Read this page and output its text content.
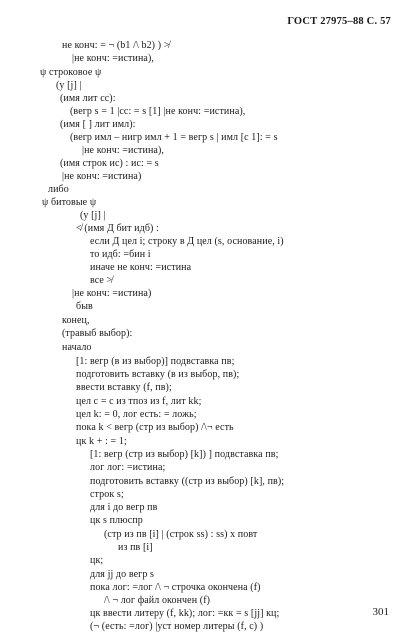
ГОСТ 27975–88 С. 57
не конч: = ¬ (b1 /\ b2) ) ≯
|не конч: =истина),
ψ строковое ψ
(у [j] |
(имя лит сс):
(вегр s = 1 |сс: = s [1] |не конч: =истина),
(имя [ ] лит имл):
(вегр имл – нигр имл + 1 = вегр s | имл [с 1]: = s
|не конч: =истина),
(имя строк ис) : ис: = s
|не конч: =истина)
либо
ψ битовые ψ
(у [j] |
≮ (имя Д бит идб) :
если Д цел i; строку в Д цел (s, основание, i)
то идб: =бин i
иначе не конч: =истина
все ≯
|не конч: =истина)
быв
конец,
(травыб выбор):
начало
[1: вегр (в из выбор)] подвставка пв;
подготовить вставку (в из выбор, пв);
ввести вставку (f, пв);
цел с = с из тпоз из f, лит kk;
цел k: = 0, лог есть: = ложь;
пока k < вегр (стр из выбор) /\¬ есть
цк k + : = 1;
[1: вегр (стр из выбор) [k]) ] подвставка пв;
лог лог: =истина;
подготовить вставку ((стр из выбор) [k], пв);
строк s;
для i до вегр пв
цк s плюспр
(стр из пв [i] | (строк ss) : ss) х повт
из пв [i]
цк;
для jj до вегр s
пока лог: =лог /\ ¬ строчка окончена (f)
/\ ¬ лог файл окончен (f)
цк ввести литеру (f, kk); лог: =кк = s [jj] кц;
(¬ (есть: =лог) |уст номер литеры (f, с) )
301
